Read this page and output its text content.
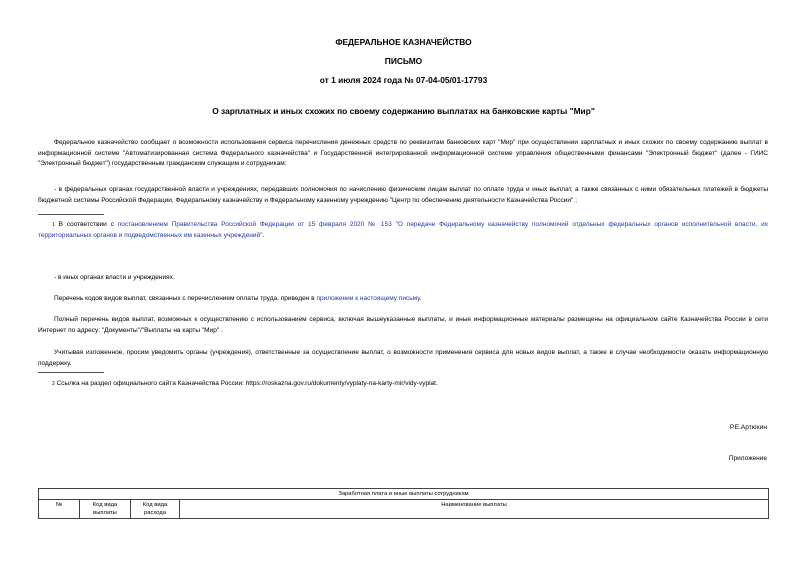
ФЕДЕРАЛЬНОЕ КАЗНАЧЕЙСТВО
ПИСЬМО
от 1 июля 2024 года № 07-04-05/01-17793
О зарплатных и иных схожих по своему содержанию выплатах на банковские карты "Мир"
Федеральное казначейство сообщает о возможности использования сервиса перечисления денежных средств по реквизитам банковских карт "Мир" при осуществлении зарплатных и иных схожих по своему содержанию выплат в информационной системе "Автоматизированная система Федерального казначейства" и Государственной интегрированной информационной системе управления общественными финансами "Электронный бюджет" (далее - ГИИС "Электронный бюджет") государственным гражданским служащим и сотрудникам:
- в федеральных органах государственной власти и учреждениях, передавших полномочия по начислению физическим лицам выплат по оплате труда и иных выплат, а также связанных с ними обязательных платежей в бюджеты бюджетной системы Российской Федерации, Федеральному казначейству и Федеральному казенному учреждению "Центр по обеспечению деятельности Казначейства России" ;
$^1$ В соответствии с постановлением Правительства Российской Федерации от 15 февраля 2020 № 153 "О передаче Федеральному казначейству полномочий отдельных федеральных органов исполнительной власти, их территориальных органов и подведомственных им казенных учреждений".
- в иных органах власти и учреждениях.
Перечень кодов видов выплат, связанных с перечислением оплаты труда, приведен в приложении к настоящему письму.
Полный перечень видов выплат, возможных к осуществлению с использованием сервиса, включая вышеуказанные выплаты, и иные информационные материалы размещены на официальном сайте Казначейства России в сети Интернет по адресу: "Документы"/"Выплаты на карты "Мир" .
Учитывая изложенное, просим уведомить органы (учреждения), ответственные за осуществление выплат, о возможности применения сервиса для новых видов выплат, а также в случае необходимости оказать информационную поддержку.
$^2$ Ссылка на раздел официального сайта Казначейства России: https://roskazna.gov.ru/dokumenty/vyplaty-na-karty-mir/vidy-vyplat.
Р.Е.Артюхин
Приложение
Заработная плата и иные выплаты сотрудникам
№	Код вида выплаты	Код вида расхода	Наименование выплаты
